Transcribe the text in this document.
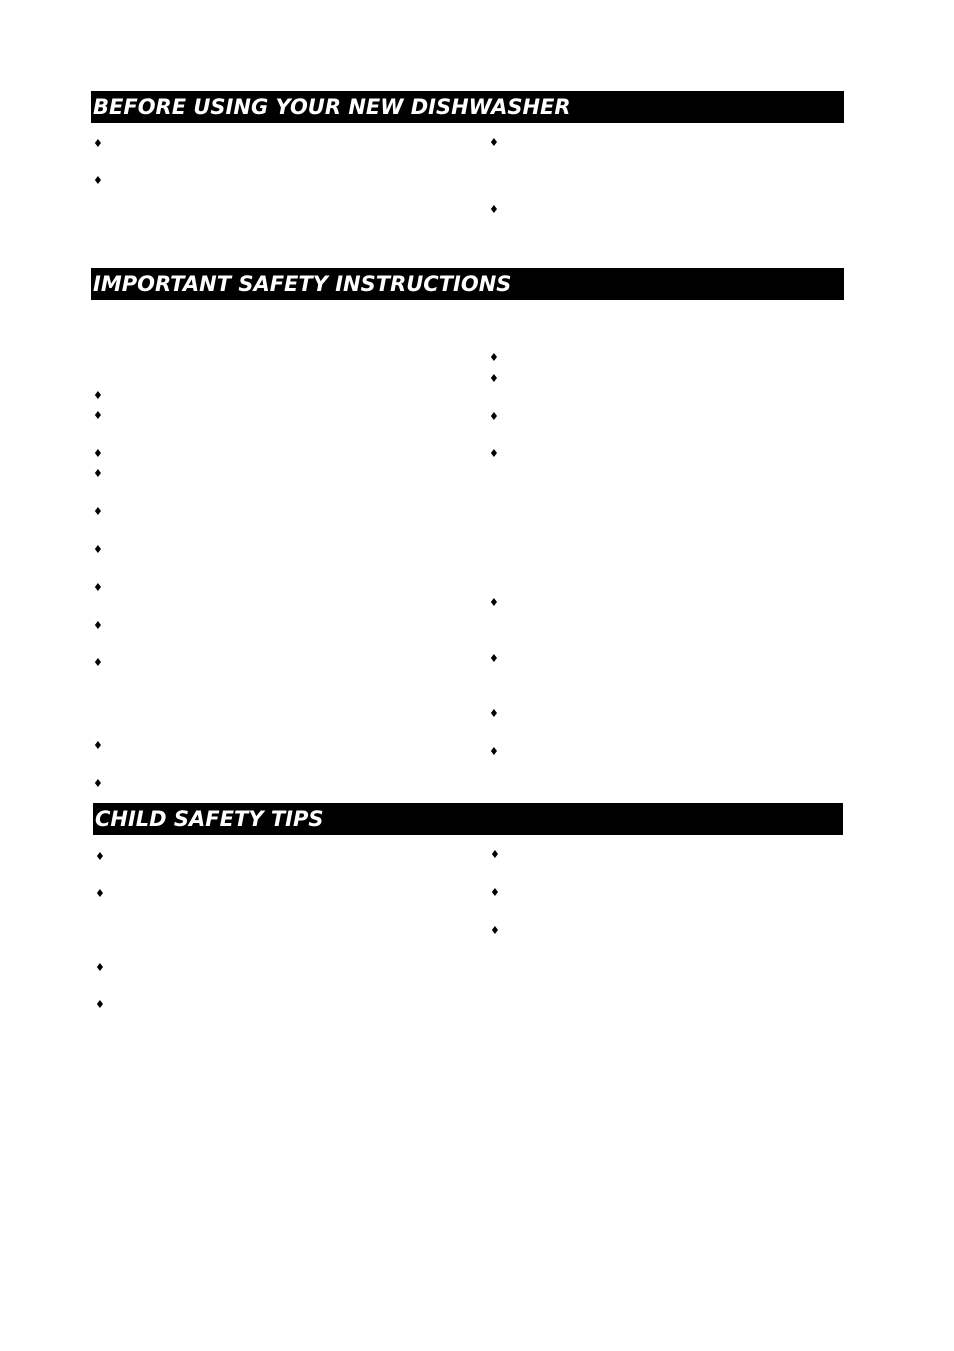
BEFORE USING YOUR NEW DISHWASHER
♦
♦
♦
♦
IMPORTANT SAFETY INSTRUCTIONS
♦
♦
♦
♦
♦
♦
♦
♦
♦
♦
♦
♦
♦
♦
♦
♦
♦
♦
♦
CHILD SAFETY TIPS
♦
♦
♦
♦
♦
♦
♦
